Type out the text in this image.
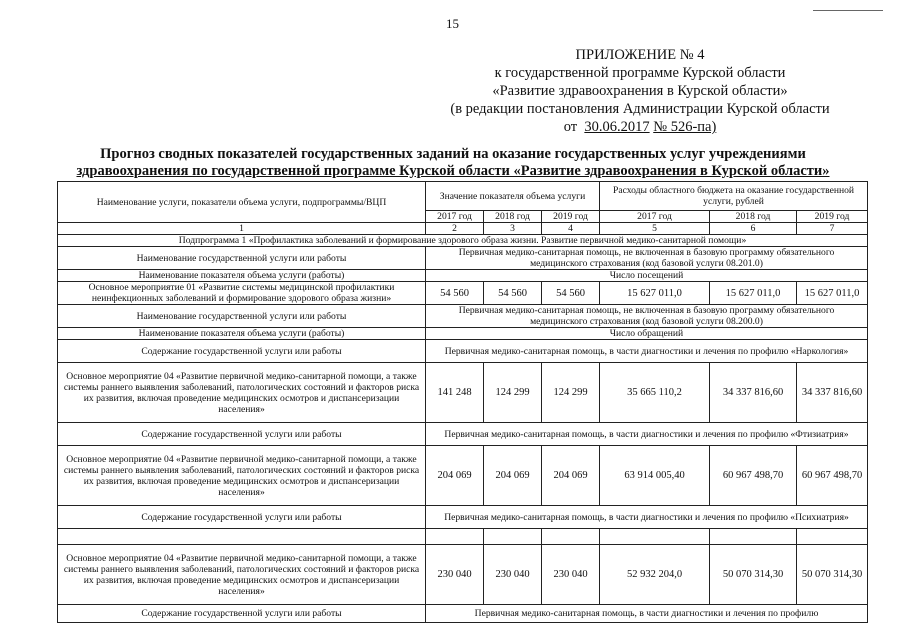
15
ПРИЛОЖЕНИЕ № 4
к государственной программе Курской области
«Развитие здравоохранения в Курской области»
(в редакции постановления Администрации Курской области
от 30.06.2017 № 526-па)
Прогноз сводных показателей государственных заданий на оказание государственных услуг учреждениями
здравоохранения по государственной программе Курской области «Развитие здравоохранения в Курской области»
Наименование услуги, показатели объема услуги, подпрограммы/ВЦП	Значение показателя объема услуги			Расходы областного бюджета на оказание государственной услуги, рублей		
	2017 год	2018 год	2019 год	2017 год	2018 год	2019 год
1	2	3	4	5	6	7
Подпрограмма 1 «Профилактика заболеваний и формирование здорового образа жизни. Развитие первичной медико-санитарной помощи»						
Наименование государственной услуги или работы	Первичная медико-санитарная помощь, не включенная в базовую программу обязательного медицинского страхования (код базовой услуги 08.201.0)					
Наименование показателя объема услуги (работы)	Число посещений					
Основное мероприятие 01 «Развитие системы медицинской профилактики неинфекционных заболеваний и формирование здорового образа жизни»	54 560	54 560	54 560	15 627 011,0	15 627 011,0	15 627 011,0
Наименование государственной услуги или работы	Первичная медико-санитарная помощь, не включенная в базовую программу обязательного медицинского страхования (код базовой услуги 08.200.0)					
Наименование показателя объема услуги (работы)	Число обращений					
Содержание государственной услуги или работы	Первичная медико-санитарная помощь, в части диагностики и лечения по профилю «Наркология»					
Основное мероприятие 04 «Развитие первичной медико-санитарной помощи, а также системы раннего выявления заболеваний, патологических состояний и факторов риска их развития, включая проведение медицинских осмотров и диспансеризации населения»	141 248	124 299	124 299	35 665 110,2	34 337 816,60	34 337 816,60
Содержание государственной услуги или работы	Первичная медико-санитарная помощь, в части диагностики и лечения по профилю «Фтизиатрия»					
Основное мероприятие 04 «Развитие первичной медико-санитарной помощи, а также системы раннего выявления заболеваний, патологических состояний и факторов риска их развития, включая проведение медицинских осмотров и диспансеризации населения»	204 069	204 069	204 069	63 914 005,40	60 967 498,70	60 967 498,70
Содержание государственной услуги или работы	Первичная медико-санитарная помощь, в части диагностики и лечения по профилю «Психиатрия»					

Основное мероприятие 04 «Развитие первичной медико-санитарной помощи, а также системы раннего выявления заболеваний, патологических состояний и факторов риска их развития, включая проведение медицинских осмотров и диспансеризации населения»	230 040	230 040	230 040	52 932 204,0	50 070 314,30	50 070 314,30
Содержание государственной услуги или работы	Первичная медико-санитарная помощь, в части диагностики и лечения по профилю					
